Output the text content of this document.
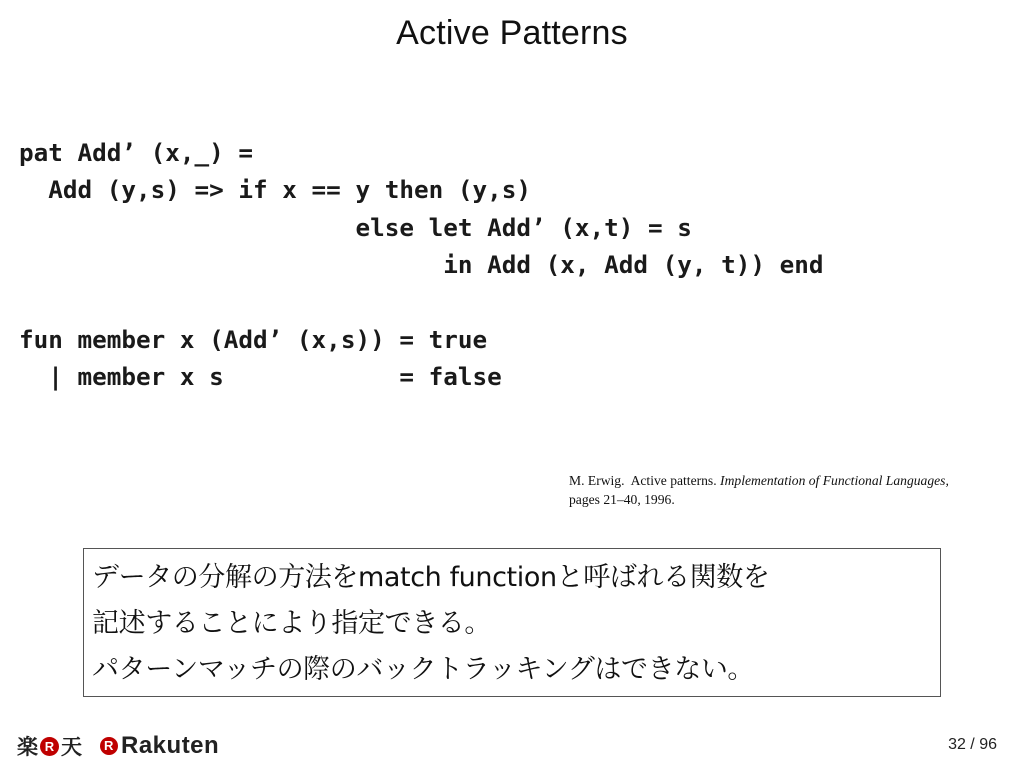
Active Patterns
pat Add’ (x,_) =
Add (y,s) => if x == y then (y,s)
else let Add’ (x,t) = s
in Add (x, Add (y, t)) end
fun member x (Add’ (x,s)) = true
| member x s            = false
M. Erwig. Active patterns. Implementation of Functional Languages,
pages 21–40, 1996.
データの分解の方法をmatch functionと呼ばれる関数を
記述することにより指定できる。
パターンマッチの際のバックトラッキングはできない。
楽 R 天	R Rakuten	32 / 96
